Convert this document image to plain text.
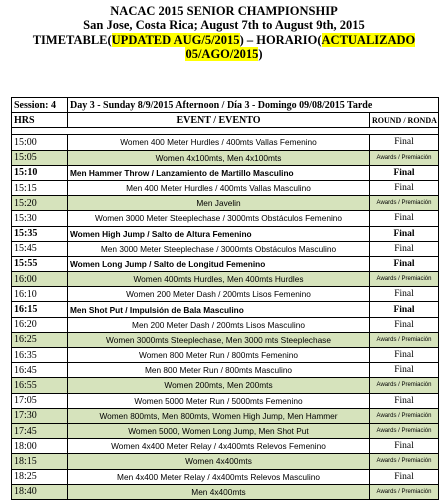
NACAC 2015 SENIOR CHAMPIONSHIP
San Jose, Costa Rica; August 7th to August 9th, 2015
TIMETABLE(UPDATED AUG/5/2015) – HORARIO(ACTUALIZADO 05/AGO/2015)
Session: 4	Day 3 - Sunday 8/9/2015 Afternoon / Día 3 - Domingo 09/08/2015 Tarde	
HRS	EVENT / EVENTO	ROUND / RONDA

15:00	Women 400 Meter Hurdles / 400mts Vallas Femenino	Final
15:05	Women 4x100mts, Men 4x100mts	Awards / Premiación
15:10	Men Hammer Throw / Lanzamiento de Martillo Masculino	Final
15:15	Men 400 Meter Hurdles / 400mts Vallas Masculino	Final
15:20	Men Javelin	Awards / Premiación
15:30	Women 3000 Meter Steeplechase / 3000mts Obstáculos Femenino	Final
15:35	Women High Jump / Salto de Altura Femenino	Final
15:45	Men 3000 Meter Steeplechase / 3000mts Obstáculos Masculino	Final
15:55	Women Long Jump / Salto de Longitud Femenino	Final
16:00	Women 400mts Hurdles, Men 400mts Hurdles	Awards / Premiación
16:10	Women 200 Meter Dash / 200mts Lisos Femenino	Final
16:15	Men Shot Put / Impulsión de Bala Masculino	Final
16:20	Men 200 Meter Dash / 200mts Lisos Masculino	Final
16:25	Women 3000mts Steeplechase, Men 3000 mts Steeplechase	Awards / Premiación
16:35	Women 800 Meter Run / 800mts Femenino	Final
16:45	Men 800 Meter Run / 800mts Masculino	Final
16:55	Women 200mts, Men 200mts	Awards / Premiación
17:05	Women 5000 Meter Run / 5000mts Femenino	Final
17:30	Women 800mts, Men 800mts, Women High Jump, Men Hammer	Awards / Premiación
17:45	Women 5000, Women Long Jump, Men Shot Put	Awards / Premiación
18:00	Women 4x400 Meter Relay / 4x400mts Relevos Femenino	Final
18:15	Women 4x400mts	Awards / Premiación
18:25	Men 4x400 Meter Relay / 4x400mts Relevos Masculino	Final
18:40	Men 4x400mts	Awards / Premiación
